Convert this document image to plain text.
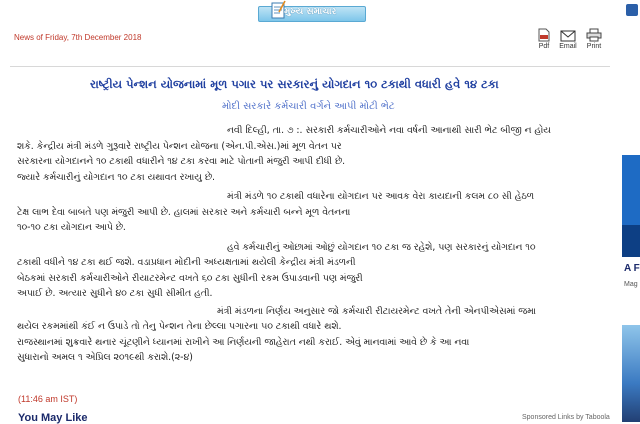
મુખ્ય સમાચાર
News of Friday, 7th December 2018
Pdf	Email	Print
રાષ્ટ્રીય પેન્શન યોજનામાં મૂળ પગાર પર સરકારનું યોગદાન ૧૦ ટકાથી વધારી હવે ૧૪ ટકા
મોદી સરકારે કર્મચારી વર્ગને આપી મોટી ભેટ
નવી દિલ્હી, તા. ૭ :. સરકારી કર્મચારીઓને નવા વર્ષની આનાથી સારી ભેટ બીજી ન હોય
શકે. કેન્દ્રીય મંત્રી મંડળે ગુરૂવારે રાષ્ટ્રીય પેન્શન યોજના (એન.પી.એસ.)માં મૂળ વેતન પર
સરકારના યોગદાનને ૧૦ ટકાથી વધારીને ૧૪ ટકા કરવા માટે પોતાની મંજુરી આપી દીધી છે.
જ્યારે કર્મચારીનું યોગદાન ૧૦ ટકા યથાવત રખાયુ છે.
મંત્રી મંડળે ૧૦ ટકાથી વધારેના યોગદાન પર આવક વેરા કાયદાની કલમ ૮૦ સી હેઠળ
ટેક્ષ લાભ દેવા બાબતે પણ મંજુરી આપી છે. હાલમાં સરકાર અને કર્મચારી બન્ને મૂળ વેતનના
૧૦-૧૦ ટકા યોગદાન આપે છે.
હવે કર્મચારીનું ઓછામાં ઓછું યોગદાન ૧૦ ટકા જ રહેશે, પણ સરકારનું યોગદાન ૧૦
ટકાથી વધીને ૧૪ ટકા થઈ જશે. વડાપ્રધાન મોદીની અધ્યક્ષતામાં થયેલી કેન્દ્રીય મંત્રી મંડળની
બેઠકમાં સરકારી કર્મચારીઓને રીયાટરમેન્ટ વખતે ૬૦ ટકા સુધીની રકમ ઉપાડવાની પણ મંજુરી
અપાઈ છે. અત્યાર સુધીને ૪૦ ટકા સુધી સીમીત હતી.
મંત્રી મંડળના નિર્ણય અનુસાર જો કર્મચારી રીટાયરમેન્ટ વખતે તેની એનપીએસમાં જમા
થયેલ રકમમાંથી કંઈ ન ઉપાડે તો તેનુ પેન્શન તેના છેલ્લા પગારના ૫૦ ટકાથી વધારે થશે.
રાજસ્થાનમાં શુક્રવારે થનાર ચૂંટણીને ધ્યાનમાં રાખીને આ નિર્ણયની જાહેરાત નથી કરાઈ. એવું માનવામાં આવે છે કે આ નવા
સુધારાનો અમલ ૧ એપ્રિલ ૨૦૧૯થી કરાશે.(૨-૪)
(11:46 am IST)
You May Like	Sponsored Links by Taboola
A F
Mag
